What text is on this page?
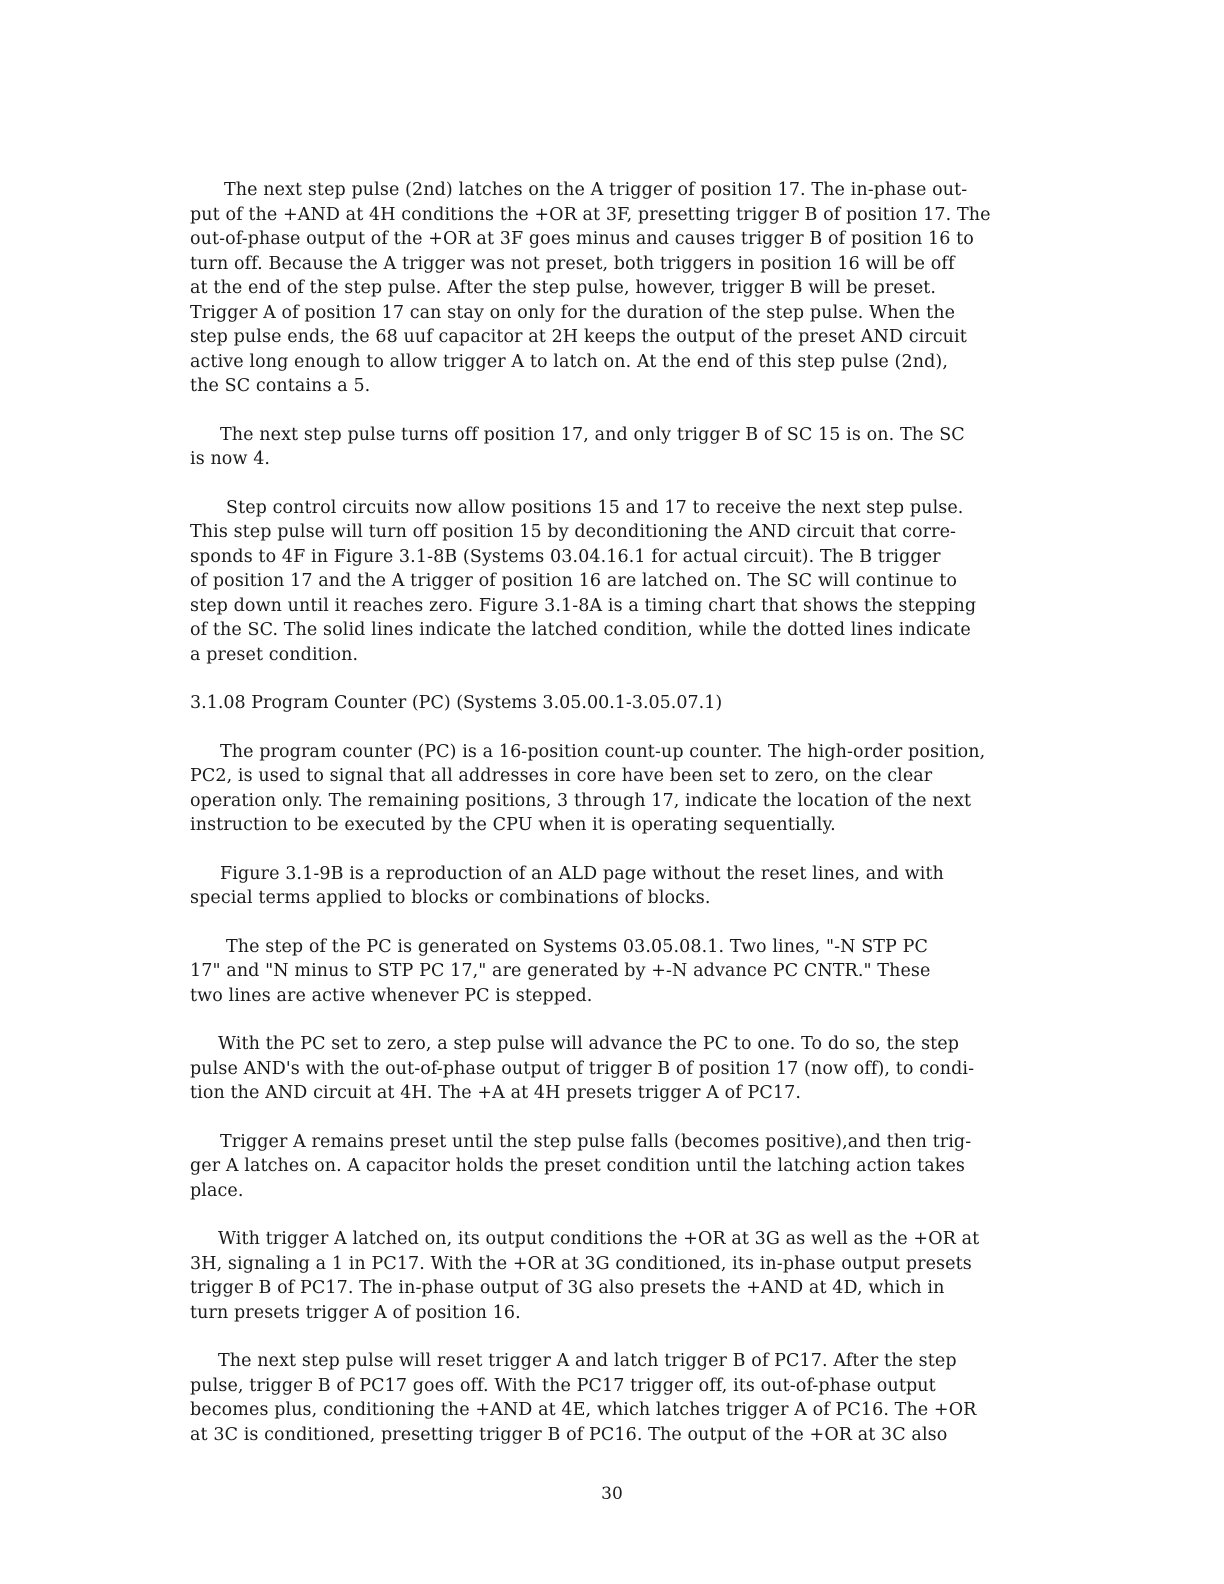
The next step pulse (2nd) latches on the A trigger of position 17. The in-phase out-
put of the +AND at 4H conditions the +OR at 3F, presetting trigger B of position 17. The
out-of-phase output of the +OR at 3F goes minus and causes trigger B of position 16 to
turn off. Because the A trigger was not preset, both triggers in position 16 will be off
at the end of the step pulse. After the step pulse, however, trigger B will be preset.
Trigger A of position 17 can stay on only for the duration of the step pulse. When the
step pulse ends, the 68 uuf capacitor at 2H keeps the output of the preset AND circuit
active long enough to allow trigger A to latch on. At the end of this step pulse (2nd),
the SC contains a 5.
The next step pulse turns off position 17, and only trigger B of SC 15 is on. The SC
is now 4.
Step control circuits now allow positions 15 and 17 to receive the next step pulse.
This step pulse will turn off position 15 by deconditioning the AND circuit that corre-
sponds to 4F in Figure 3.1-8B (Systems 03.04.16.1 for actual circuit). The B trigger
of position 17 and the A trigger of position 16 are latched on. The SC will continue to
step down until it reaches zero. Figure 3.1-8A is a timing chart that shows the stepping
of the SC. The solid lines indicate the latched condition, while the dotted lines indicate
a preset condition.
3.1.08 Program Counter (PC) (Systems 3.05.00.1-3.05.07.1)
The program counter (PC) is a 16-position count-up counter. The high-order position,
PC2, is used to signal that all addresses in core have been set to zero, on the clear
operation only. The remaining positions, 3 through 17, indicate the location of the next
instruction to be executed by the CPU when it is operating sequentially.
Figure 3.1-9B is a reproduction of an ALD page without the reset lines, and with
special terms applied to blocks or combinations of blocks.
The step of the PC is generated on Systems 03.05.08.1. Two lines, "-N STP PC
17" and "N minus to STP PC 17," are generated by +-N advance PC CNTR." These
two lines are active whenever PC is stepped.
With the PC set to zero, a step pulse will advance the PC to one. To do so, the step
pulse AND's with the out-of-phase output of trigger B of position 17 (now off), to condi-
tion the AND circuit at 4H. The +A at 4H presets trigger A of PC17.
Trigger A remains preset until the step pulse falls (becomes positive),and then trig-
ger A latches on. A capacitor holds the preset condition until the latching action takes
place.
With trigger A latched on, its output conditions the +OR at 3G as well as the +OR at
3H, signaling a 1 in PC17. With the +OR at 3G conditioned, its in-phase output presets
trigger B of PC17. The in-phase output of 3G also presets the +AND at 4D, which in
turn presets trigger A of position 16.
The next step pulse will reset trigger A and latch trigger B of PC17. After the step
pulse, trigger B of PC17 goes off. With the PC17 trigger off, its out-of-phase output
becomes plus, conditioning the +AND at 4E, which latches trigger A of PC16. The +OR
at 3C is conditioned, presetting trigger B of PC16. The output of the +OR at 3C also
30
